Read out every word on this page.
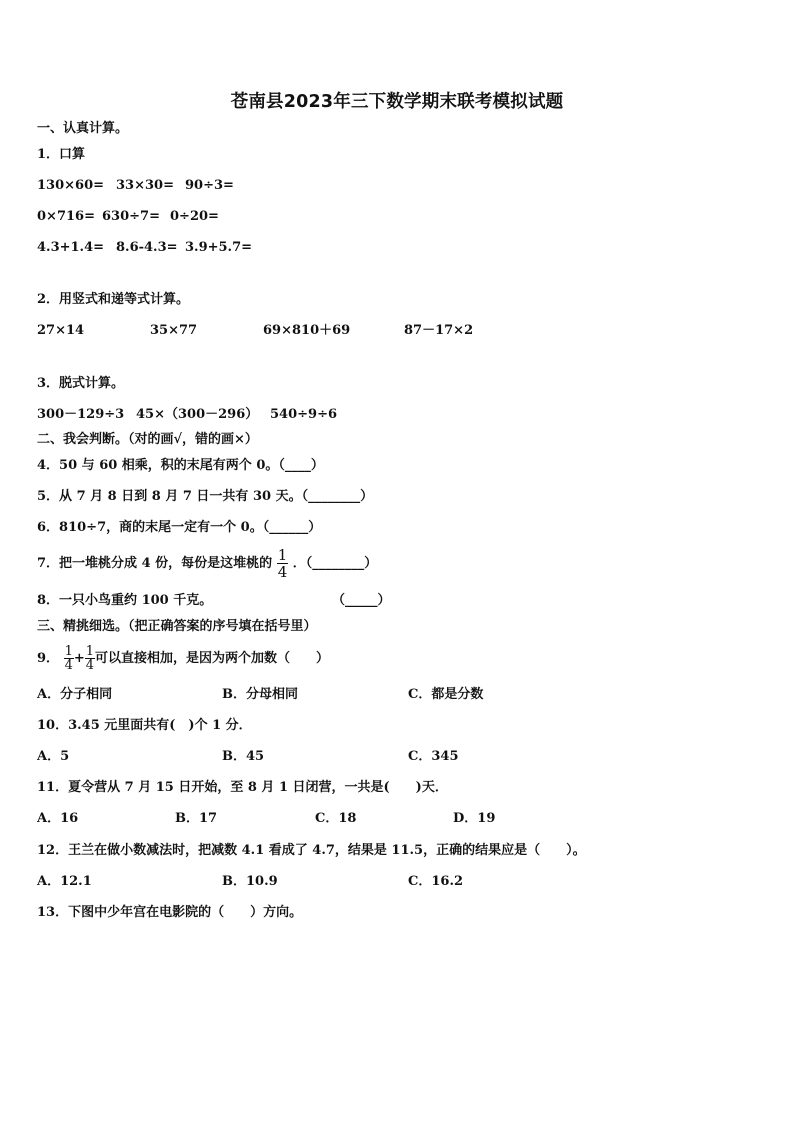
苍南县2023年三下数学期末联考模拟试题
一、认真计算。
1．口算
130×60= 33×30= 90÷3=
0×716= 630÷7= 0÷20=
4.3+1.4= 8.6-4.3= 3.9+5.7=
2．用竖式和递等式计算。
27×14	35×77	69×810＋69	87－17×2
3．脱式计算。
300－129÷3 45×（300－296） 540÷9÷6
二、我会判断。（对的画√，错的画×）
4．50 与 60 相乘，积的末尾有两个 0。（____）
5．从 7 月 8 日到 8 月 7 日一共有 30 天。（________）
6．810÷7，商的末尾一定有一个 0。（______）
7．把一堆桃分成 4 份，每份是这堆桃的 $\frac{1}{4}$ ．（________）
8．一只小鸟重约 100 千克。	（_____）
三、精挑细选。（把正确答案的序号填在括号里）
9． $\frac{1}{4} + \frac{1}{4}$ 可以直接相加，是因为两个加数（　　）
A．分子相同	B．分母相同	C．都是分数
10．3.45 元里面共有(　)个 1 分．
A．5	B．45	C．345
11．夏令营从 7 月 15 日开始，至 8 月 1 日闭营，一共是(　　)天．
A．16	B．17	C．18	D．19
12．王兰在做小数减法时，把减数 4.1 看成了 4.7，结果是 11.5，正确的结果应是（　　）。
A．12.1	B．10.9	C．16.2
13．下图中少年宫在电影院的（　　）方向。
